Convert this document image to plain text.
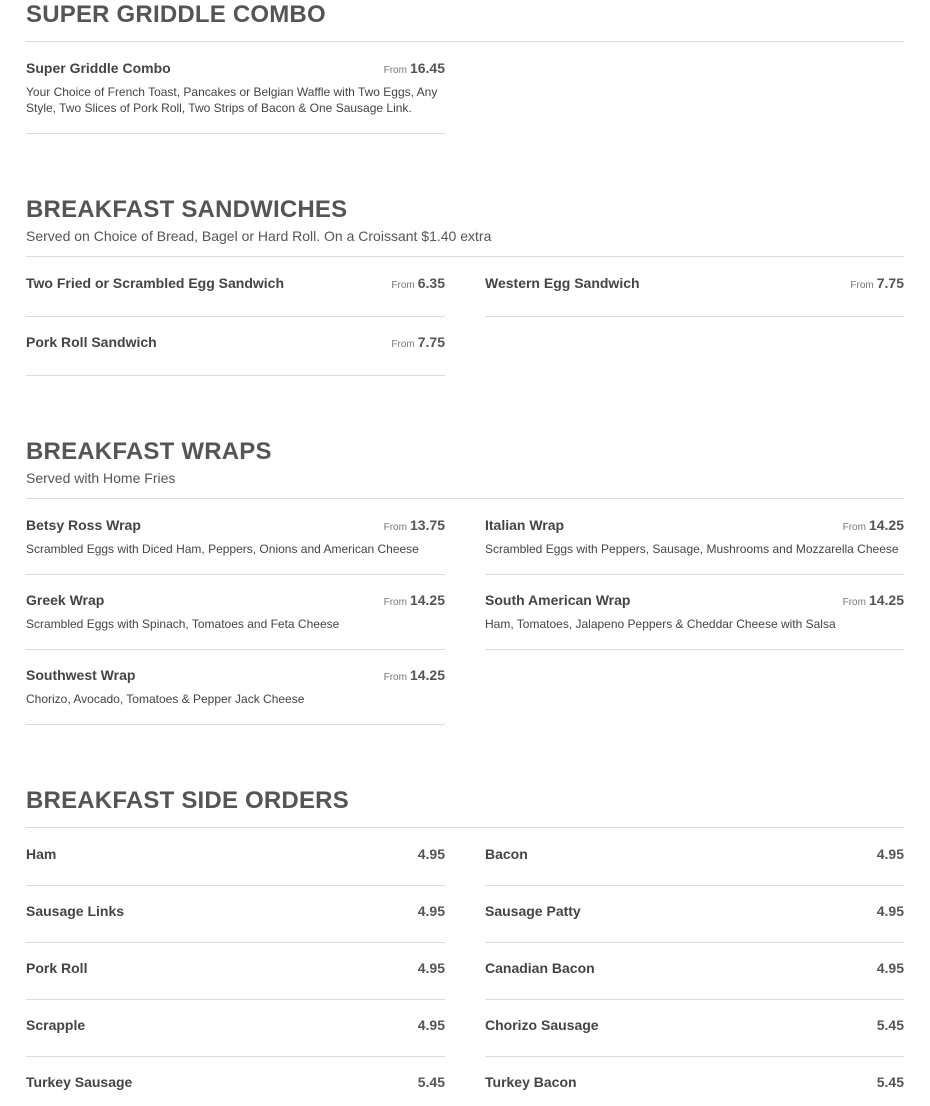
SUPER GRIDDLE COMBO
Super Griddle Combo	From 16.45
Your Choice of French Toast, Pancakes or Belgian Waffle with Two Eggs, Any Style, Two Slices of Pork Roll, Two Strips of Bacon & One Sausage Link.
BREAKFAST SANDWICHES
Served on Choice of Bread, Bagel or Hard Roll. On a Croissant $1.40 extra
Two Fried or Scrambled Egg Sandwich	From 6.35	Western Egg Sandwich	From 7.75
Pork Roll Sandwich	From 7.75
BREAKFAST WRAPS
Served with Home Fries
Betsy Ross Wrap	From 13.75
Scrambled Eggs with Diced Ham, Peppers, Onions and American Cheese
Italian Wrap	From 14.25
Scrambled Eggs with Peppers, Sausage, Mushrooms and Mozzarella Cheese
Greek Wrap	From 14.25
Scrambled Eggs with Spinach, Tomatoes and Feta Cheese
South American Wrap	From 14.25
Ham, Tomatoes, Jalapeno Peppers & Cheddar Cheese with Salsa
Southwest Wrap	From 14.25
Chorizo, Avocado, Tomatoes & Pepper Jack Cheese
BREAKFAST SIDE ORDERS
Ham	4.95	Bacon	4.95
Sausage Links	4.95	Sausage Patty	4.95
Pork Roll	4.95	Canadian Bacon	4.95
Scrapple	4.95	Chorizo Sausage	5.45
Turkey Sausage	5.45	Turkey Bacon	5.45
